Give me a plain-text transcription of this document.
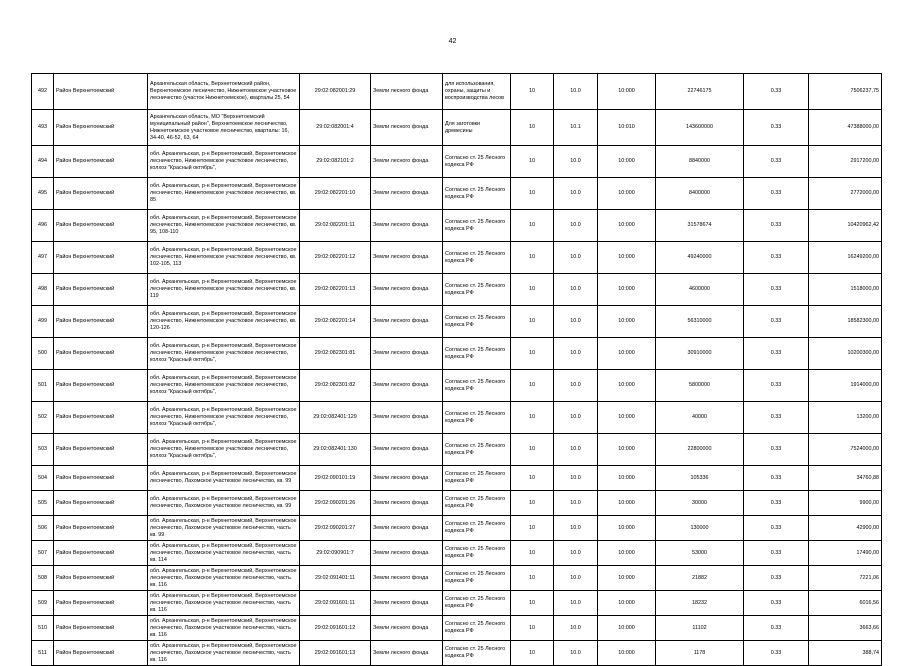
42
492	Район Верхнетоемский	Архангельская область, Верхнетоемский район, Верхнетоемское лесничество, Нижнетоемское участковое лесничество (участок Нижнетоемское), кварталы 25, 54	29:02:082001:29	Земли лесного фонда	для использования, охраны, защиты и воспроизводства лесов	10	10.0	10:000	22746175	0.33	7506237,75
493	Район Верхнетоемский	Архангельская область, МО "Верхнетоемский муниципальный район", Верхнетоемское лесничество, Нижнетоемское участковое лесничество, кварталы: 16, 34-40, 46-52, 63, 64	29:02:082001:4	Земли лесного фонда	Для заготовки древесины	10	10.1	10:010	143600000	0.33	47388000,00
494	Район Верхнетоемский	обл. Архангельская, р-н Верхнетоемский, Верхнетоемское лесничество, Нижнетоемское участковое лесничество, колхоз "Красный октябрь",	29:02:082101:2	Земли лесного фонда	Согласно ст. 25 Лесного кодекса РФ	10	10.0	10:000	8840000	0.33	2917200,00
495	Район Верхнетоемский	обл. Архангельская, р-н Верхнетоемский, Верхнетоемское лесничество, Нижнетоемское участковое лесничество, кв. 85	29:02:082201:10	Земли лесного фонда	Согласно ст. 25 Лесного кодекса РФ	10	10.0	10:000	8400000	0.33	2772000,00
496	Район Верхнетоемский	обл. Архангельская, р-н Верхнетоемский, Верхнетоемское лесничество, Нижнетоемское участковое лесничество, кв. 95, 108-110	29:02:082201:11	Земли лесного фонда	Согласно ст. 25 Лесного кодекса РФ	10	10.0	10:000	31578674	0.33	10420962,42
497	Район Верхнетоемский	обл. Архангельская, р-н Верхнетоемский, Верхнетоемское лесничество, Нижнетоемское участковое лесничество, кв. 102-105, 113	29:02:082201:12	Земли лесного фонда	Согласно ст. 25 Лесного кодекса РФ	10	10.0	10:000	49240000	0.33	16249200,00
498	Район Верхнетоемский	обл. Архангельская, р-н Верхнетоемский, Верхнетоемское лесничество, Нижнетоемское участковое лесничество, кв. 119	29:02:082201:13	Земли лесного фонда	Согласно ст. 25 Лесного кодекса РФ	10	10.0	10:000	4600000	0.33	1518000,00
499	Район Верхнетоемский	обл. Архангельская, р-н Верхнетоемский, Верхнетоемское лесничество, Нижнетоемское участковое лесничество, кв. 120-126	29:02:082201:14	Земли лесного фонда	Согласно ст. 25 Лесного кодекса РФ	10	10.0	10:000	56310000	0.33	18582300,00
500	Район Верхнетоемский	обл. Архангельская, р-н Верхнетоемский, Верхнетоемское лесничество, Нижнетоемское участковое лесничество, колхоз "Красный октябрь",	29:02:082301:81	Земли лесного фонда	Согласно ст. 25 Лесного кодекса РФ	10	10.0	10:000	30910000	0.33	10200300,00
501	Район Верхнетоемский	обл. Архангельская, р-н Верхнетоемский, Верхнетоемское лесничество, Нижнетоемское участковое лесничество, колхоз "Красный октябрь",	29:02:082301:82	Земли лесного фонда	Согласно ст. 25 Лесного кодекса РФ	10	10.0	10:000	5800000	0.33	1914000,00
502	Район Верхнетоемский	обл. Архангельская, р-н Верхнетоемский, Верхнетоемское лесничество, Нижнетоемское участковое лесничество, колхоз "Красный октябрь",	29:02:082401:129	Земли лесного фонда	Согласно ст. 25 Лесного кодекса РФ	10	10.0	10:000	40000	0.33	13200,00
503	Район Верхнетоемский	обл. Архангельская, р-н Верхнетоемский, Верхнетоемское лесничество, Нижнетоемское участковое лесничество, колхоз "Красный октябрь",	29:02:082401:130	Земли лесного фонда	Согласно ст. 25 Лесного кодекса РФ	10	10.0	10:000	22800000	0.33	7524000,00
504	Район Верхнетоемский	обл. Архангельская, р-н Верхнетоемский, Верхнетоемское лесничество, Лахомское участковое лесничество, кв. 99	29:02:090101:19	Земли лесного фонда	Согласно ст. 25 Лесного кодекса РФ	10	10.0	10:000	105336	0.33	34760,88
505	Район Верхнетоемский	обл. Архангельская, р-н Верхнетоемский, Верхнетоемское лесничество, Лахомское участковое лесничество, кв. 99	29:02:090201:26	Земли лесного фонда	Согласно ст. 25 Лесного кодекса РФ	10	10.0	10:000	30000	0.33	9900,00
506	Район Верхнетоемский	обл. Архангельская, р-н Верхнетоемский, Верхнетоемское лесничество, Лахомское участковое лесничество, часть кв. 99	29:02:090201:27	Земли лесного фонда	Согласно ст. 25 Лесного кодекса РФ	10	10.0	10:000	130000	0.33	42900,00
507	Район Верхнетоемский	обл. Архангельская, р-н Верхнетоемский, Верхнетоемское лесничество, Лахомское участковое лесничество, часть кв. 114	29:02:090901:7	Земли лесного фонда	Согласно ст. 25 Лесного кодекса РФ	10	10.0	10:000	53000	0.33	17490,00
508	Район Верхнетоемский	обл. Архангельская, р-н Верхнетоемский, Верхнетоемское лесничество, Лахомское участковое лесничество, часть кв. 116	29:02:091401:11	Земли лесного фонда	Согласно ст. 25 Лесного кодекса РФ	10	10.0	10:000	21882	0.33	7221,06
509	Район Верхнетоемский	обл. Архангельская, р-н Верхнетоемский, Верхнетоемское лесничество, Лахомское участковое лесничество, часть кв. 116	29:02:091601:11	Земли лесного фонда	Согласно ст. 25 Лесного кодекса РФ	10	10.0	10:000	18232	0.33	6016,56
510	Район Верхнетоемский	обл. Архангельская, р-н Верхнетоемский, Верхнетоемское лесничество, Лахомское участковое лесничество, часть кв. 116	29:02:091601:12	Земли лесного фонда	Согласно ст. 25 Лесного кодекса РФ	10	10.0	10:000	11102	0.33	3663,66
511	Район Верхнетоемский	обл. Архангельская, р-н Верхнетоемский, Верхнетоемское лесничество, Лахомское участковое лесничество, часть кв. 116	29:02:091601:13	Земли лесного фонда	Согласно ст. 25 Лесного кодекса РФ	10	10.0	10:000	1178	0.33	388,74
